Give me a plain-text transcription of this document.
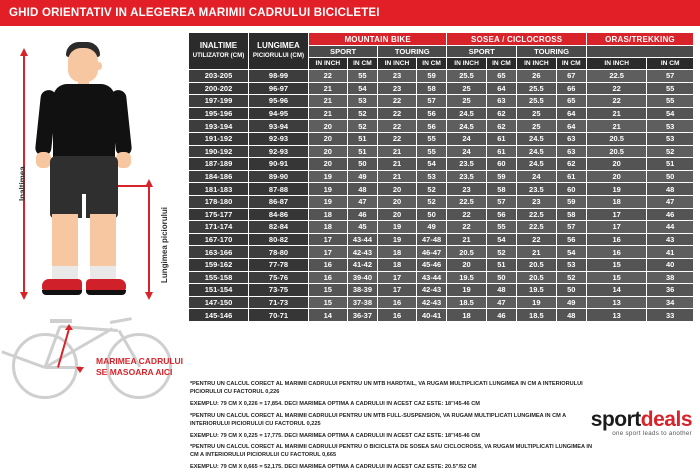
GHID ORIENTATIV IN ALEGEREA MARIMII CADRULUI BICICLETEI
Inaltimea
Lungimea piciorului
MARIMEA CADRULUI
SE MASOARA AICI
INALTIME
UTILIZATOR (CM)	LUNGIMEA
PICIORULUI (CM)	MOUNTAIN BIKE				SOSEA / CICLOCROSS				ORAS/TREKKING	
		SPORT		TOURING		SPORT		TOURING			
		IN INCH	IN CM	IN INCH	IN CM	IN INCH	IN CM	IN INCH	IN CM	IN INCH	IN CM
203-205	98-99	22	55	23	59	25.5	65	26	67	22.5	57
200-202	96-97	21	54	23	58	25	64	25.5	66	22	55
197-199	95-96	21	53	22	57	25	63	25.5	65	22	55
195-196	94-95	21	52	22	56	24.5	62	25	64	21	54
193-194	93-94	20	52	22	56	24.5	62	25	64	21	53
191-192	92-93	20	51	22	55	24	61	24.5	63	20.5	53
190-192	92-93	20	51	21	55	24	61	24.5	63	20.5	52
187-189	90-91	20	50	21	54	23.5	60	24.5	62	20	51
184-186	89-90	19	49	21	53	23.5	59	24	61	20	50
181-183	87-88	19	48	20	52	23	58	23.5	60	19	48
178-180	86-87	19	47	20	52	22.5	57	23	59	18	47
175-177	84-86	18	46	20	50	22	56	22.5	58	17	46
171-174	82-84	18	45	19	49	22	55	22.5	57	17	44
167-170	80-82	17	43-44	19	47-48	21	54	22	56	16	43
163-166	78-80	17	42-43	18	46-47	20.5	52	21	54	16	41
159-162	77-78	16	41-42	18	45-46	20	51	20.5	53	15	40
155-158	75-76	16	39-40	17	43-44	19.5	50	20.5	52	15	38
151-154	73-75	15	38-39	17	42-43	19	48	19.5	50	14	36
147-150	71-73	15	37-38	16	42-43	18.5	47	19	49	13	34
145-146	70-71	14	36-37	16	40-41	18	46	18.5	48	13	33

*PENTRU UN CALCUL CORECT AL MARIMII CADRULUI PENTRU UN MTB HARDTAIL, VA RUGAM MULTIPLICATI LUNGIMEA IN CM A INTERIORULUI PICIORULUI CU FACTORUL 0,226

EXEMPLU: 79 CM X 0,226 = 17,854. DECI MARIMEA OPTIMA A CADRULUI IN ACEST CAZ ESTE: 18"/45-46 CM

*PENTRU UN CALCUL CORECT AL MARIMII CADRULUI PENTRU UN MTB FULL-SUSPENSION, VA RUGAM MULTIPLICATI LUNGIMEA IN CM A INTERIORULUI PICIORULUI CU FACTORUL 0,225

EXEMPLU: 79 CM X 0,225 = 17,775. DECI MARIMEA OPTIMA A CADRULUI IN ACEST CAZ ESTE: 18"/45-46 CM

*PENTRU UN CALCUL CORECT AL MARIMII CADRULUI PENTRU O BICICLETA DE SOSEA SAU CICLOCROSS, VA RUGAM MULTIPLICATI LUNGIMEA IN CM A INTERIORULUI PICIORULUI CU FACTORUL 0,665

EXEMPLU: 79 CM X 0,665 = 52,175. DECI MARIMEA OPTIMA A CADRULUI IN ACEST CAZ ESTE: 20.5"/52 CM

sportdeals
one sport leads to another
